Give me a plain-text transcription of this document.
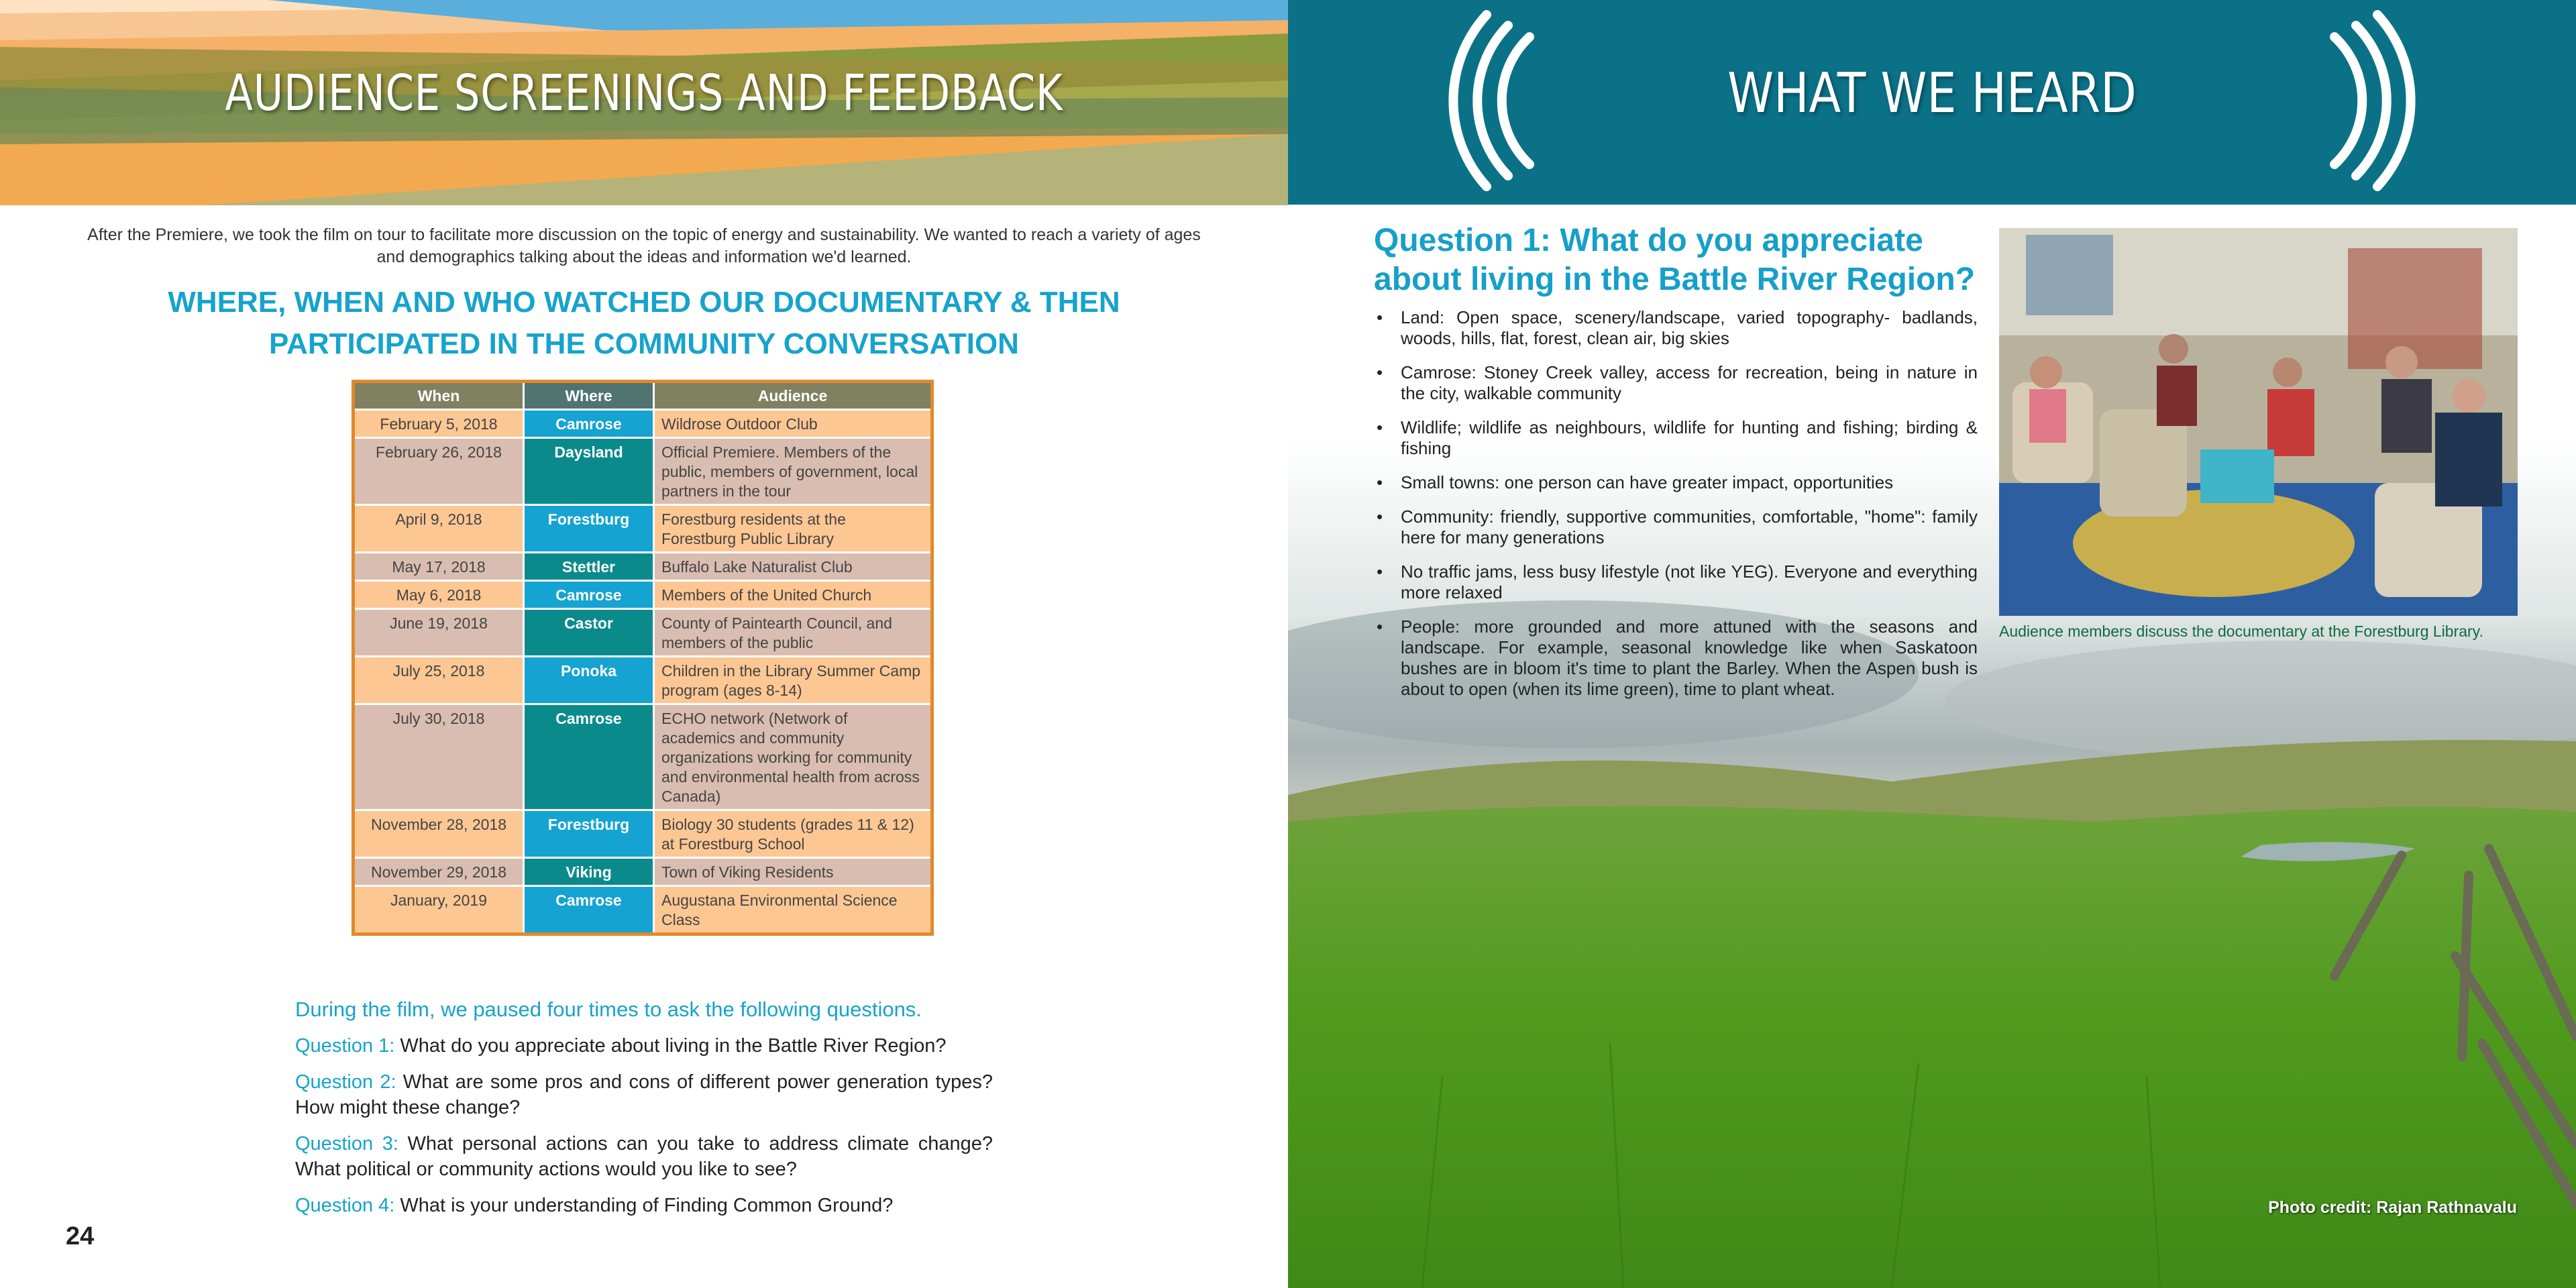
AUDIENCE SCREENINGS AND FEEDBACK

After the Premiere, we took the film on tour to facilitate more discussion on the topic of energy and sustainability. We wanted to reach a variety of ages and demographics talking about the ideas and information we'd learned.

WHERE, WHEN AND WHO WATCHED OUR DOCUMENTARY & THEN
PARTICIPATED IN THE COMMUNITY CONVERSATION
When	Where	Audience
February 5, 2018	Camrose	Wildrose Outdoor Club
February 26, 2018	Daysland	Official Premiere. Members of the public, members of government, local partners in the tour
April 9, 2018	Forestburg	Forestburg residents at the Forestburg Public Library
May 17, 2018	Stettler	Buffalo Lake Naturalist Club
May 6, 2018	Camrose	Members of the United Church
June 19, 2018	Castor	County of Paintearth Council, and members of the public
July 25, 2018	Ponoka	Children in the Library Summer Camp program (ages 8-14)
July 30, 2018	Camrose	ECHO network (Network of academics and community organizations working for community and environmental health from across Canada)
November 28, 2018	Forestburg	Biology 30 students (grades 11 & 12) at Forestburg School
November 29, 2018	Viking	Town of Viking Residents
January, 2019	Camrose	Augustana Environmental Science Class
During the film, we paused four times to ask the following questions.
Question 1: What do you appreciate about living in the Battle River Region?
Question 2: What are some pros and cons of different power generation types? How might these change?
Question 3: What personal actions can you take to address climate change? What political or community actions would you like to see?
Question 4: What is your understanding of Finding Common Ground?
24
WHAT WE HEARD
Question 1: What do you appreciate about living in the Battle River Region?
• Land: Open space, scenery/landscape, varied topography- badlands, woods, hills, flat, forest, clean air, big skies
• Camrose: Stoney Creek valley, access for recreation, being in nature in the city, walkable community
• Wildlife; wildlife as neighbours, wildlife for hunting and fishing; birding & fishing
• Small towns: one person can have greater impact, opportunities
• Community: friendly, supportive communities, comfortable, "home": family here for many generations
• No traffic jams, less busy lifestyle (not like YEG). Everyone and everything more relaxed
• People: more grounded and more attuned with the seasons and landscape. For example, seasonal knowledge like when Saskatoon bushes are in bloom it's time to plant the Barley. When the Aspen bush is about to open (when its lime green), time to plant wheat.
Audience members discuss the documentary at the Forestburg Library.
Photo credit: Rajan Rathnavalu
